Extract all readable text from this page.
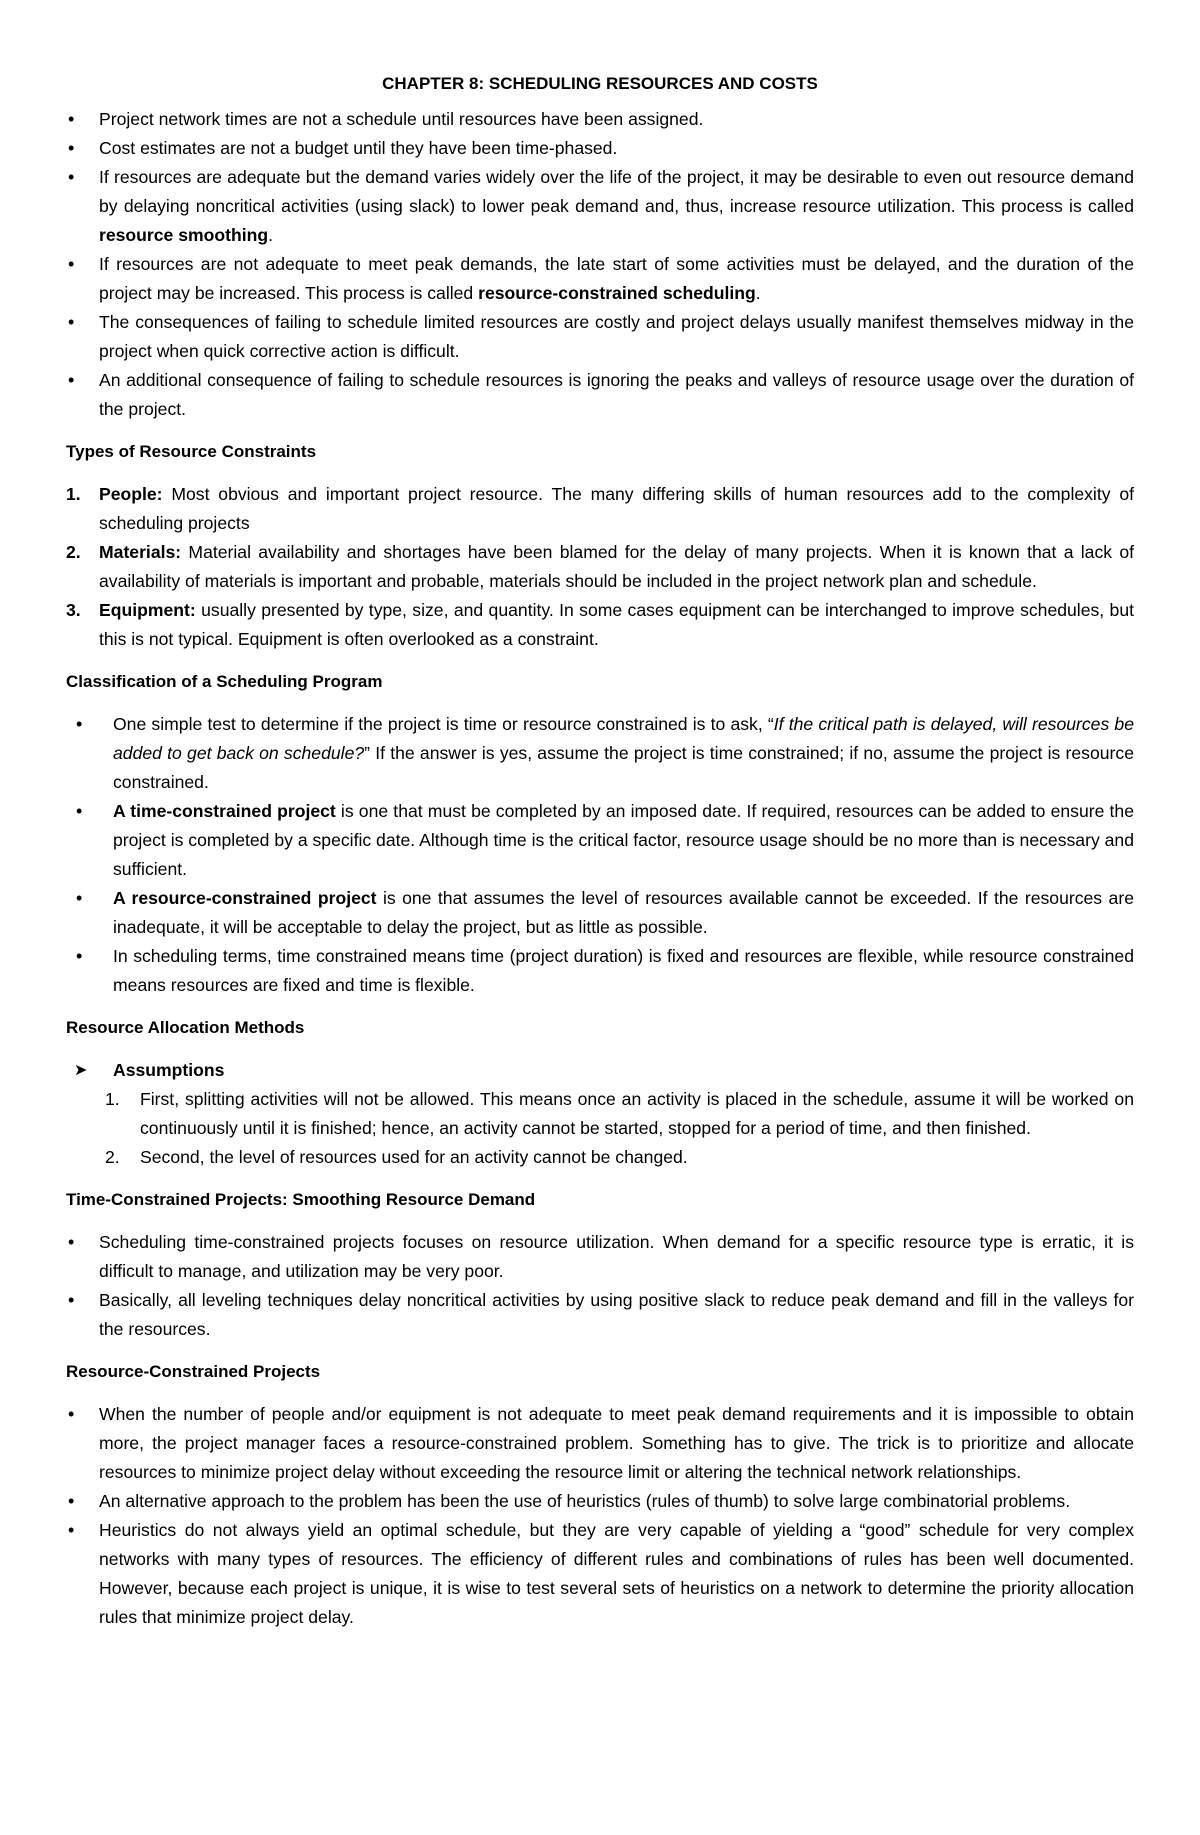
CHAPTER 8: SCHEDULING RESOURCES AND COSTS
• Project network times are not a schedule until resources have been assigned.
• Cost estimates are not a budget until they have been time-phased.
• If resources are adequate but the demand varies widely over the life of the project, it may be desirable to even out resource demand by delaying noncritical activities (using slack) to lower peak demand and, thus, increase resource utilization. This process is called resource smoothing.
• If resources are not adequate to meet peak demands, the late start of some activities must be delayed, and the duration of the project may be increased. This process is called resource-constrained scheduling.
• The consequences of failing to schedule limited resources are costly and project delays usually manifest themselves midway in the project when quick corrective action is difficult.
• An additional consequence of failing to schedule resources is ignoring the peaks and valleys of resource usage over the duration of the project.
Types of Resource Constraints
1. People: Most obvious and important project resource. The many differing skills of human resources add to the complexity of scheduling projects
2. Materials: Material availability and shortages have been blamed for the delay of many projects. When it is known that a lack of availability of materials is important and probable, materials should be included in the project network plan and schedule.
3. Equipment: usually presented by type, size, and quantity. In some cases equipment can be interchanged to improve schedules, but this is not typical. Equipment is often overlooked as a constraint.
Classification of a Scheduling Program
• One simple test to determine if the project is time or resource constrained is to ask, “If the critical path is delayed, will resources be added to get back on schedule?” If the answer is yes, assume the project is time constrained; if no, assume the project is resource constrained.
• A time-constrained project is one that must be completed by an imposed date. If required, resources can be added to ensure the project is completed by a specific date. Although time is the critical factor, resource usage should be no more than is necessary and sufficient.
• A resource-constrained project is one that assumes the level of resources available cannot be exceeded. If the resources are inadequate, it will be acceptable to delay the project, but as little as possible.
• In scheduling terms, time constrained means time (project duration) is fixed and resources are flexible, while resource constrained means resources are fixed and time is flexible.
Resource Allocation Methods
➤ Assumptions
1. First, splitting activities will not be allowed. This means once an activity is placed in the schedule, assume it will be worked on continuously until it is finished; hence, an activity cannot be started, stopped for a period of time, and then finished.
2. Second, the level of resources used for an activity cannot be changed.
Time-Constrained Projects: Smoothing Resource Demand
• Scheduling time-constrained projects focuses on resource utilization. When demand for a specific resource type is erratic, it is difficult to manage, and utilization may be very poor.
• Basically, all leveling techniques delay noncritical activities by using positive slack to reduce peak demand and fill in the valleys for the resources.
Resource-Constrained Projects
• When the number of people and/or equipment is not adequate to meet peak demand requirements and it is impossible to obtain more, the project manager faces a resource-constrained problem. Something has to give. The trick is to prioritize and allocate resources to minimize project delay without exceeding the resource limit or altering the technical network relationships.
• An alternative approach to the problem has been the use of heuristics (rules of thumb) to solve large combinatorial problems.
• Heuristics do not always yield an optimal schedule, but they are very capable of yielding a “good” schedule for very complex networks with many types of resources. The efficiency of different rules and combinations of rules has been well documented. However, because each project is unique, it is wise to test several sets of heuristics on a network to determine the priority allocation rules that minimize project delay.
